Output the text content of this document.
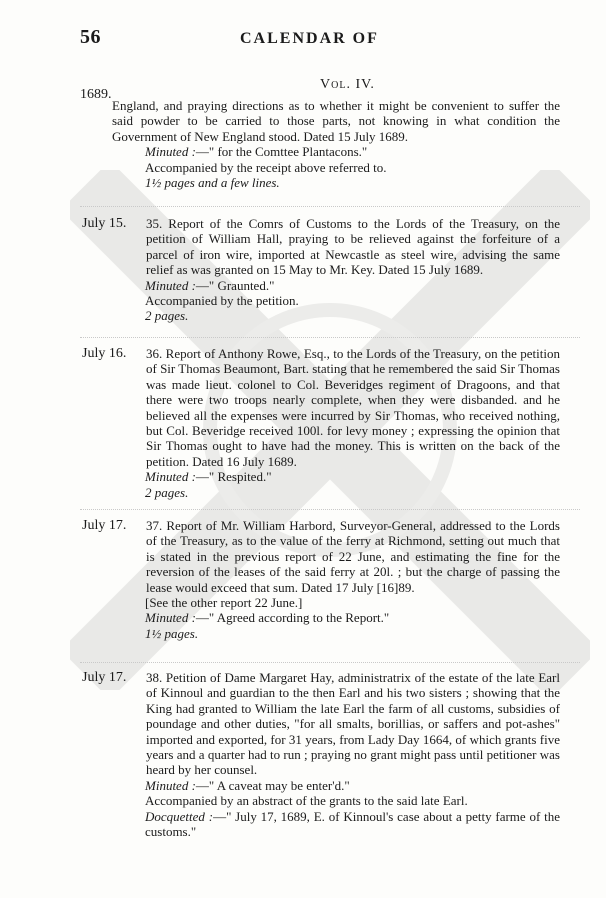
56	CALENDAR OF
Vol. IV.
1689.

England, and praying directions as to whether it might be convenient to suffer the said powder to be carried to those parts, not knowing in what condition the Government of New England stood. Dated 15 July 1689.

Minuted :—" for the Comttee Plantacons."
Accompanied by the receipt above referred to.
1½ pages and a few lines.
July 15.	35. Report of the Comrs of Customs to the Lords of the Treasury, on the petition of William Hall, praying to be relieved against the forfeiture of a parcel of iron wire, imported at Newcastle as steel wire, advising the same relief as was granted on 15 May to Mr. Key. Dated 15 July 1689.

Minuted :—" Graunted."
Accompanied by the petition.
2 pages.
July 16.	36. Report of Anthony Rowe, Esq., to the Lords of the Treasury, on the petition of Sir Thomas Beaumont, Bart. stating that he remembered the said Sir Thomas was made lieut. colonel to Col. Beveridges regiment of Dragoons, and that there were two troops nearly complete, when they were disbanded. and he believed all the expenses were incurred by Sir Thomas, who received nothing, but Col. Beveridge received 100l. for levy money ; expressing the opinion that Sir Thomas ought to have had the money. This is written on the back of the petition. Dated 16 July 1689.

Minuted :—" Respited."
2 pages.
July 17.	37. Report of Mr. William Harbord, Surveyor-General, addressed to the Lords of the Treasury, as to the value of the ferry at Richmond, setting out much that is stated in the previous report of 22 June, and estimating the fine for the reversion of the leases of the said ferry at 20l. ; but the charge of passing the lease would exceed that sum. Dated 17 July [16]89.

[See the other report 22 June.]
Minuted :—" Agreed according to the Report."
1½ pages.
July 17.	38. Petition of Dame Margaret Hay, administratrix of the estate of the late Earl of Kinnoul and guardian to the then Earl and his two sisters ; showing that the King had granted to William the late Earl the farm of all customs, subsidies of poundage and other duties, "for all smalts, borillias, or saffers and pot-ashes" imported and exported, for 31 years, from Lady Day 1664, of which grants five years and a quarter had to run ; praying no grant might pass until petitioner was heard by her counsel.

Minuted :—" A caveat may be enter'd."
Accompanied by an abstract of the grants to the said late Earl.
Docquetted :—" July 17, 1689, E. of Kinnoul's case about a petty farme of the customs."
